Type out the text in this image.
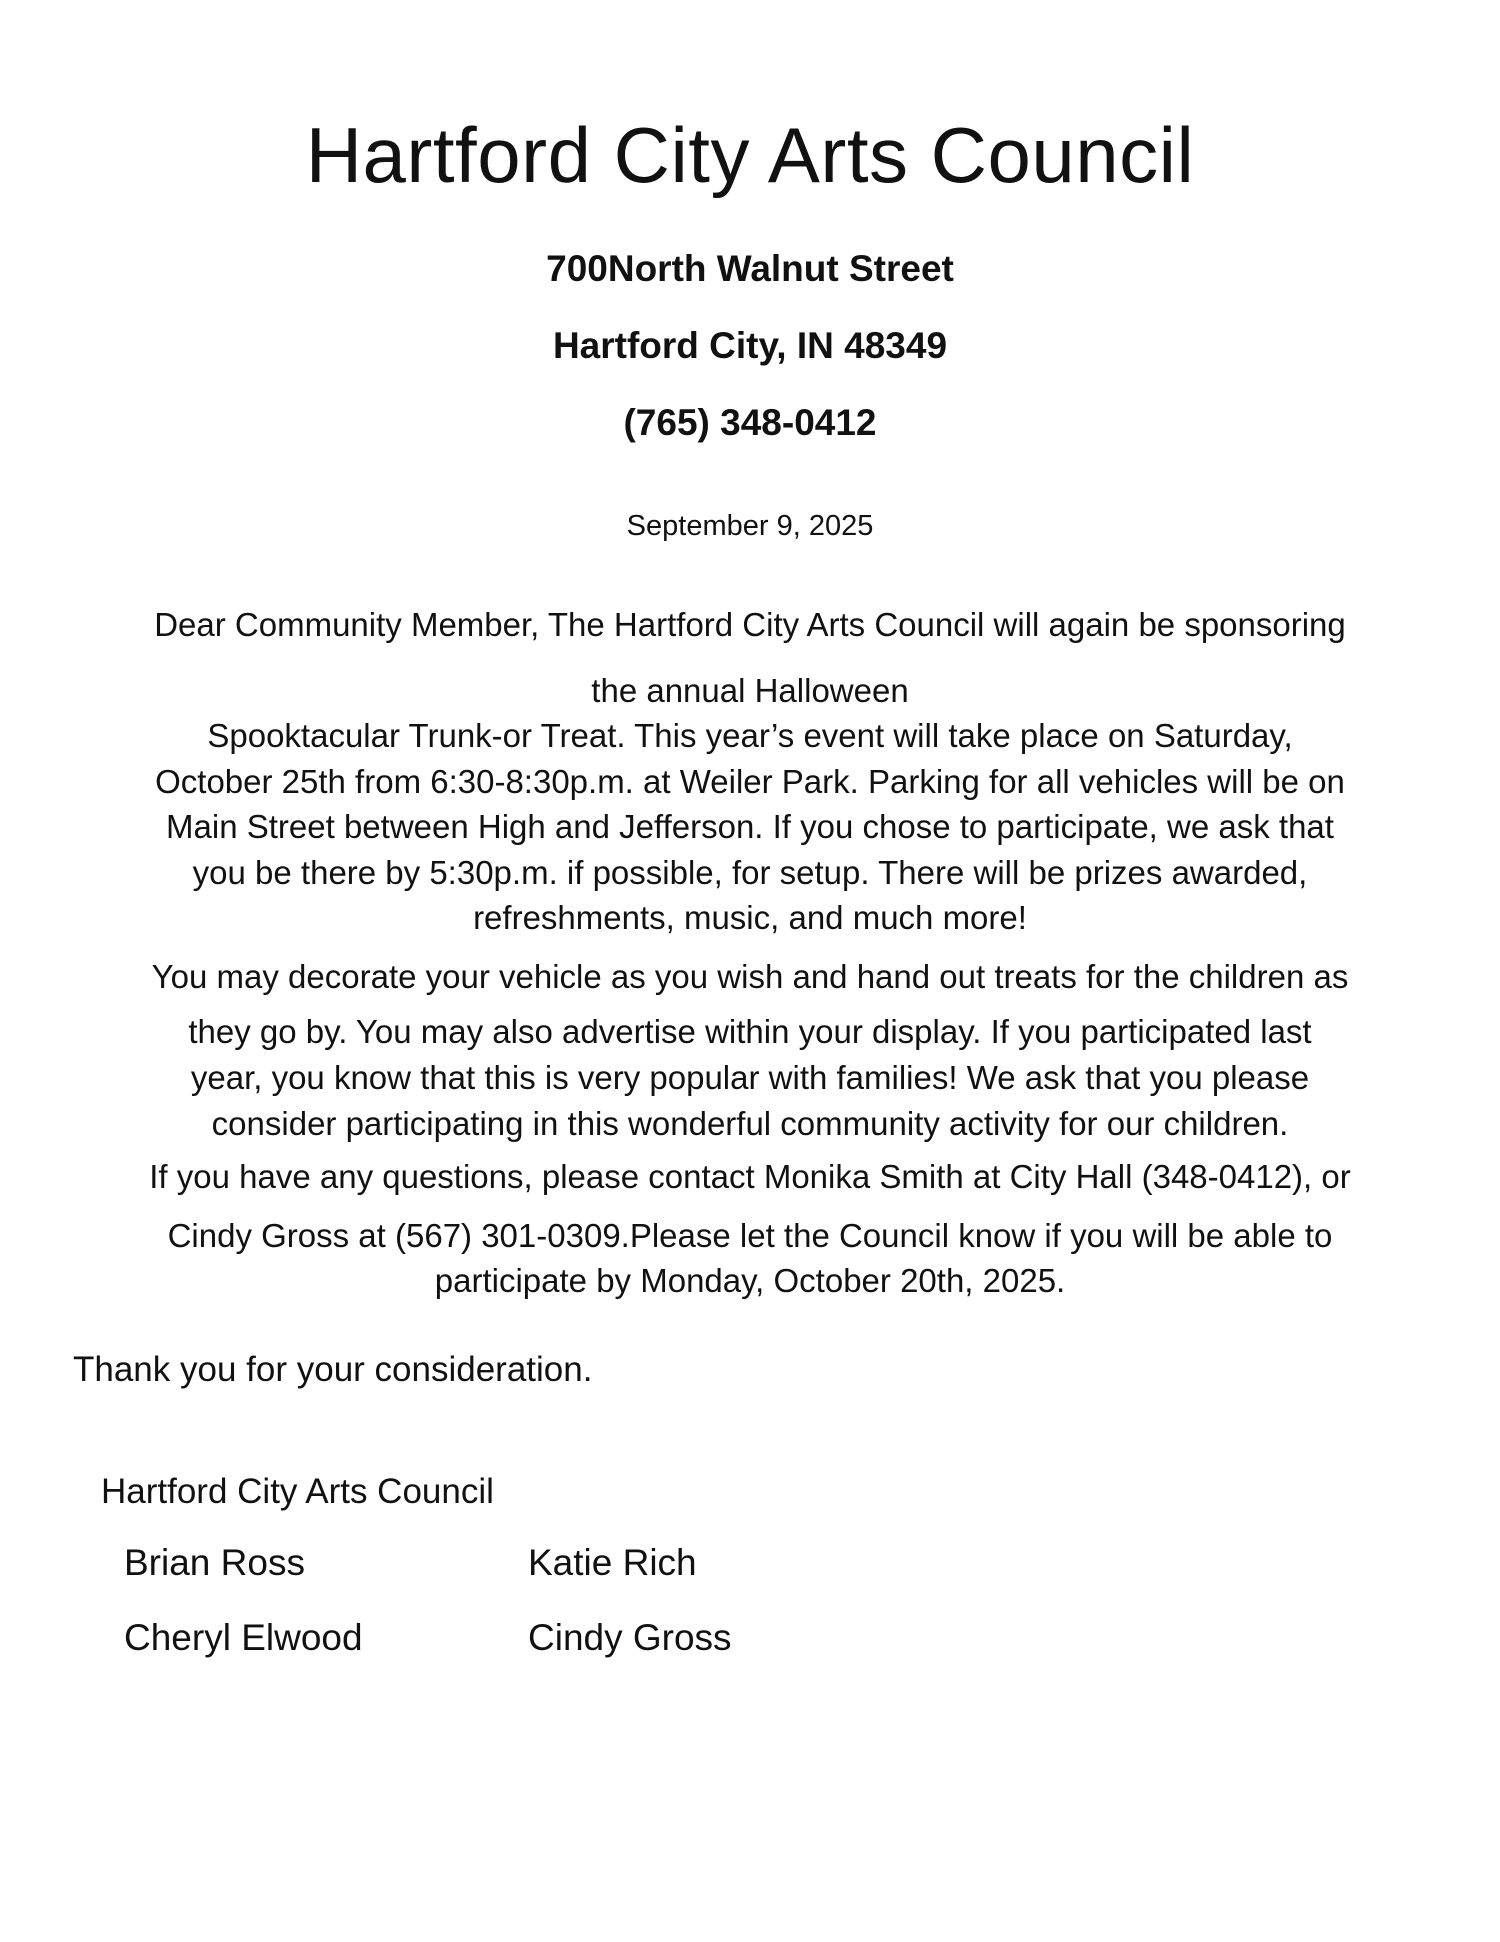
Hartford City Arts Council
700North Walnut Street
Hartford City, IN 48349
(765) 348-0412
September 9, 2025
Dear Community Member, The Hartford City Arts Council will again be sponsoring
the annual Halloween
Spooktacular Trunk-or Treat. This year’s event will take place on Saturday,
October 25th from 6:30-8:30p.m. at Weiler Park. Parking for all vehicles will be on
Main Street between High and Jefferson. If you chose to participate, we ask that
you be there by 5:30p.m. if possible, for setup. There will be prizes awarded,
refreshments, music, and much more!
You may decorate your vehicle as you wish and hand out treats for the children as
they go by. You may also advertise within your display. If you participated last
year, you know that this is very popular with families! We ask that you please
consider participating in this wonderful community activity for our children.
If you have any questions, please contact Monika Smith at City Hall (348-0412), or
Cindy Gross at (567) 301-0309.Please let the Council know if you will be able to
participate by Monday, October 20th, 2025.
Thank you for your consideration.
Hartford City Arts Council
Brian Ross	Katie Rich
Cheryl Elwood	Cindy Gross
